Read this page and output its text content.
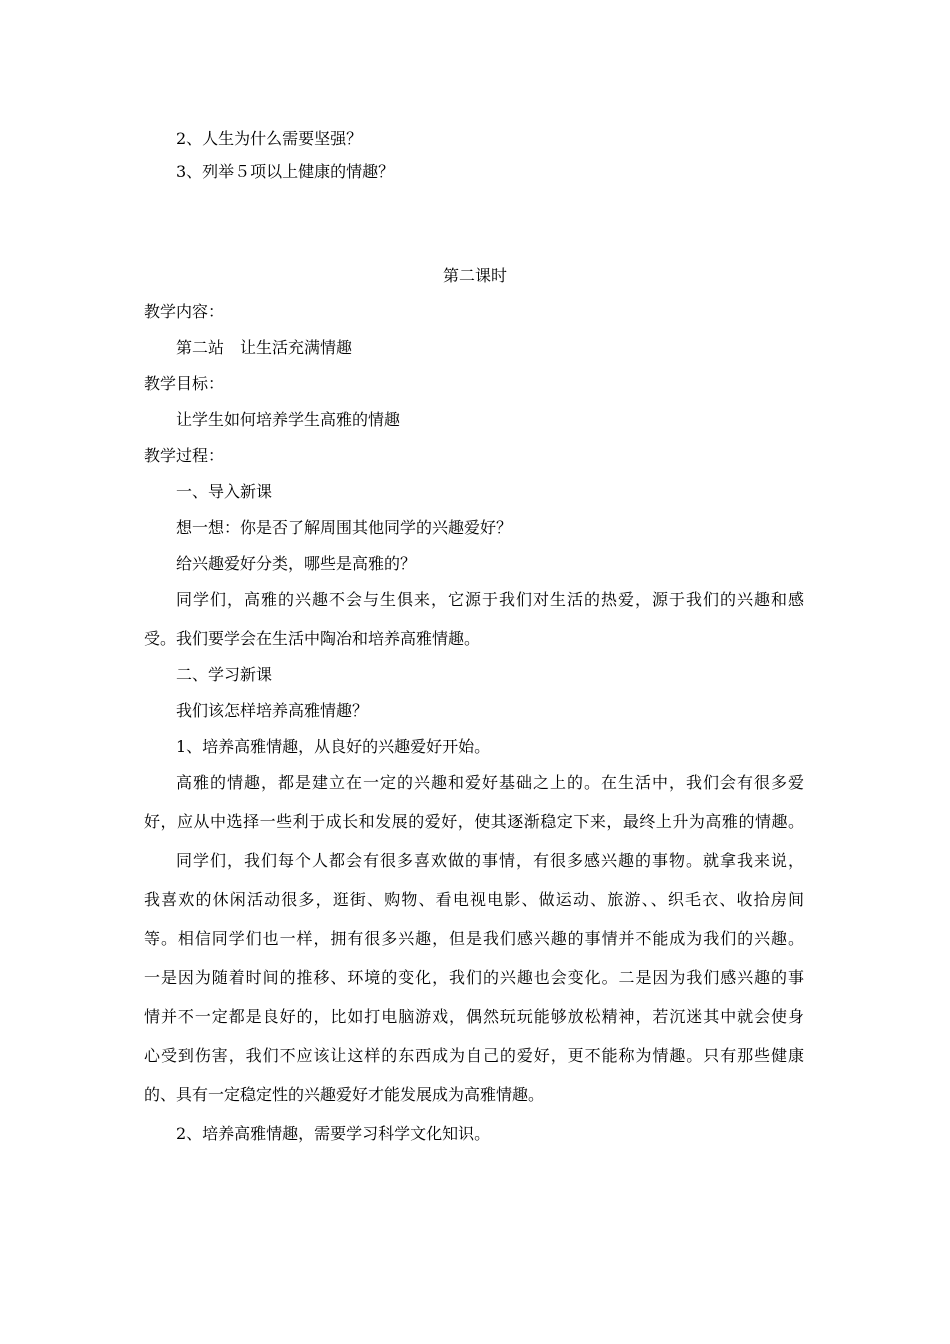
2、人生为什么需要坚强？
3、列举５项以上健康的情趣？
第二课时
教学内容：
第二站　让生活充满情趣
教学目标：
让学生如何培养学生高雅的情趣
教学过程：
一、导入新课
想一想：你是否了解周围其他同学的兴趣爱好？
给兴趣爱好分类，哪些是高雅的？
同学们，高雅的兴趣不会与生俱来，它源于我们对生活的热爱，源于我们的兴趣和感
受。我们要学会在生活中陶冶和培养高雅情趣。
二、学习新课
我们该怎样培养高雅情趣？
1、培养高雅情趣，从良好的兴趣爱好开始。
高雅的情趣，都是建立在一定的兴趣和爱好基础之上的。在生活中，我们会有很多爱
好，应从中选择一些利于成长和发展的爱好，使其逐渐稳定下来，最终上升为高雅的情趣。
同学们，我们每个人都会有很多喜欢做的事情，有很多感兴趣的事物。就拿我来说，
我喜欢的休闲活动很多，逛街、购物、看电视电影、做运动、旅游、、织毛衣、收拾房间
等。相信同学们也一样，拥有很多兴趣，但是我们感兴趣的事情并不能成为我们的兴趣。
一是因为随着时间的推移、环境的变化，我们的兴趣也会变化。二是因为我们感兴趣的事
情并不一定都是良好的，比如打电脑游戏，偶然玩玩能够放松精神，若沉迷其中就会使身
心受到伤害，我们不应该让这样的东西成为自己的爱好，更不能称为情趣。只有那些健康
的、具有一定稳定性的兴趣爱好才能发展成为高雅情趣。
2、培养高雅情趣，需要学习科学文化知识。
